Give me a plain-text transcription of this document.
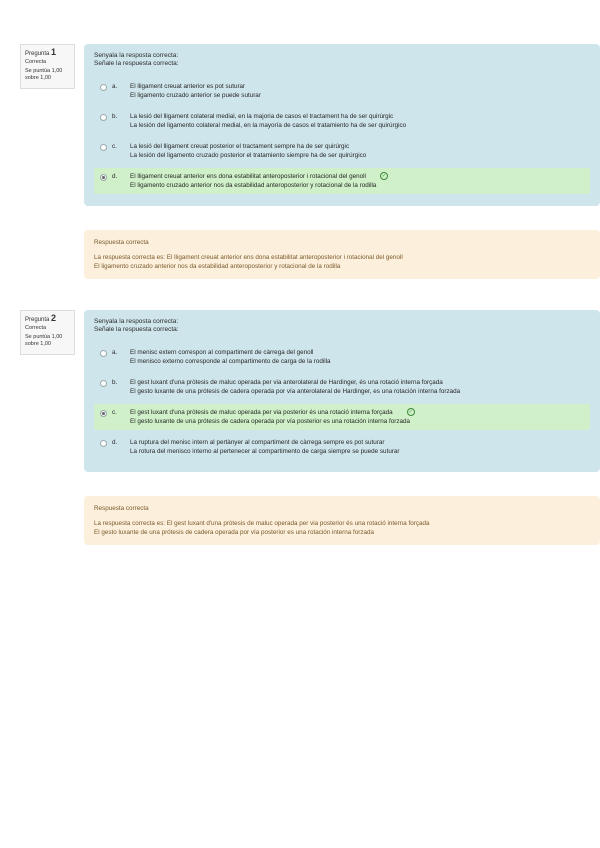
Pregunta 1
Correcta
Se puntúa 1,00 sobre 1,00
Senyala la resposta correcta:
Señale la respuesta correcta:
a. El lligament creuat anterior es pot suturar
El ligamento cruzado anterior se puede suturar
b. La lesió del lligament colateral medial, en la majoria de casos el tractament ha de ser quirúrgic
La lesión del ligamento colateral medial, en la mayoría de casos el tratamiento ha de ser quirúrgico
c. La lesió del lligament creuat posterior el tractament sempre ha de ser quirúrgic
La lesión del ligamento cruzado posterior el tratamiento siempre ha de ser quirúrgico
d. El lligament creuat anterior ens dona estabilitat anteroposterior i rotacional del genoll	✓
El ligamento cruzado anterior nos da estabilidad anteroposterior y rotacional de la rodilla
Respuesta correcta
La respuesta correcta es: El lligament creuat anterior ens dona estabilitat anteroposterior i rotacional del genoll
El ligamento cruzado anterior nos da estabilidad anteroposterior y rotacional de la rodilla
Pregunta 2
Correcta
Se puntúa 1,00 sobre 1,00
Senyala la resposta correcta:
Señale la respuesta correcta:
a. El menisc extern correspon al compartiment de càrrega del genoll
El menisco externo corresponde al compartimento de carga de la rodilla
b. El gest luxant d'una pròtesis de maluc operada per via anterolateral de Hardinger, és una rotació interna forçada
El gesto luxante de una prótesis de cadera operada por vía anterolateral de Hardinger, es una rotación interna forzada
c. El gest luxant d'una pròtesis de maluc operada per via posterior és una rotació interna forçada	✓
El gesto luxante de una prótesis de cadera operada por vía posterior es una rotación interna forzada
d. La ruptura del menisc intern al pertànyer al compartiment de càrrega sempre es pot suturar
La rotura del menisco interno al pertenecer al compartimento de carga siempre se puede suturar
Respuesta correcta
La respuesta correcta es: El gest luxant d'una pròtesis de maluc operada per via posterior és una rotació interna forçada
El gesto luxante de una prótesis de cadera operada por vía posterior es una rotación interna forzada
